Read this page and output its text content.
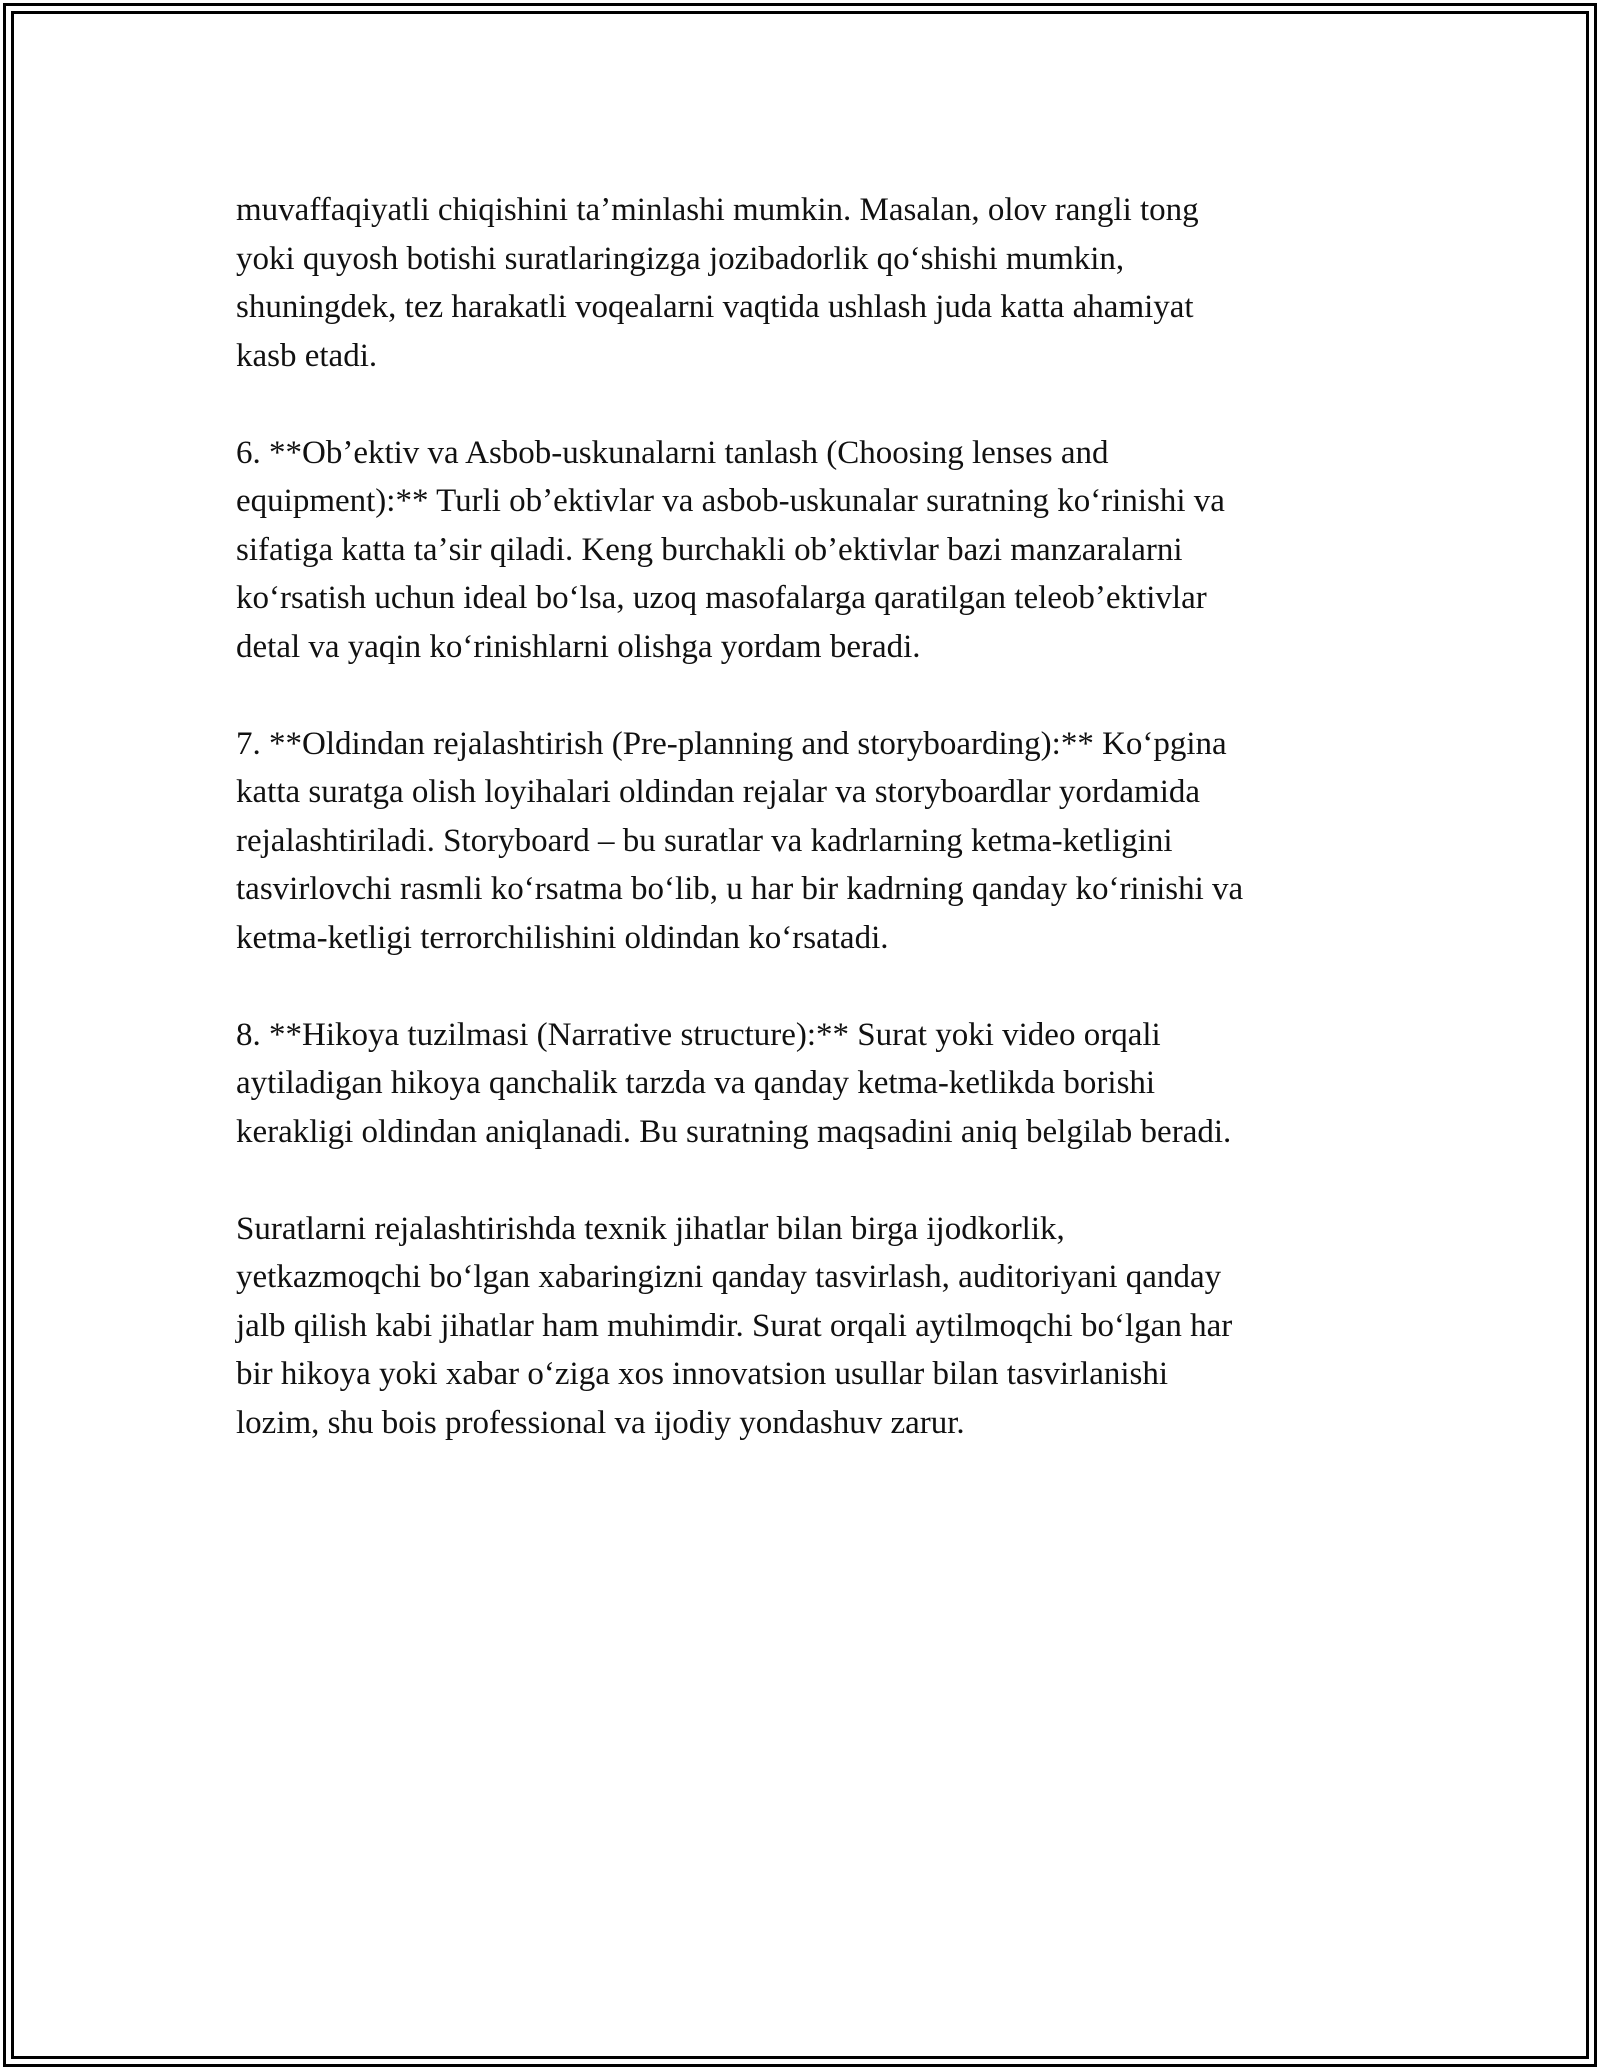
muvaffaqiyatli chiqishini taʼminlashi mumkin. Masalan, olov rangli tong
yoki quyosh botishi suratlaringizga jozibadorlik qoʻshishi mumkin,
shuningdek, tez harakatli voqealarni vaqtida ushlash juda katta ahamiyat
kasb etadi.

6. **Obʼektiv va Asbob-uskunalarni tanlash (Choosing lenses and
equipment):** Turli obʼektivlar va asbob-uskunalar suratning koʻrinishi va
sifatiga katta taʼsir qiladi. Keng burchakli obʼektivlar bazi manzaralarni
koʻrsatish uchun ideal boʻlsa, uzoq masofalarga qaratilgan teleobʼektivlar
detal va yaqin koʻrinishlarni olishga yordam beradi.

7. **Oldindan rejalashtirish (Pre-planning and storyboarding):** Koʻpgina
katta suratga olish loyihalari oldindan rejalar va storyboardlar yordamida
rejalashtiriladi. Storyboard – bu suratlar va kadrlarning ketma-ketligini
tasvirlovchi rasmli koʻrsatma boʻlib, u har bir kadrning qanday koʻrinishi va
ketma-ketligi terrorchilishini oldindan koʻrsatadi.

8. **Hikoya tuzilmasi (Narrative structure):** Surat yoki video orqali
aytiladigan hikoya qanchalik tarzda va qanday ketma-ketlikda borishi
kerakligi oldindan aniqlanadi. Bu suratning maqsadini aniq belgilab beradi.

Suratlarni rejalashtirishda texnik jihatlar bilan birga ijodkorlik,
yetkazmoqchi boʻlgan xabaringizni qanday tasvirlash, auditoriyani qanday
jalb qilish kabi jihatlar ham muhimdir. Surat orqali aytilmoqchi boʻlgan har
bir hikoya yoki xabar oʻziga xos innovatsion usullar bilan tasvirlanishi
lozim, shu bois professional va ijodiy yondashuv zarur.
